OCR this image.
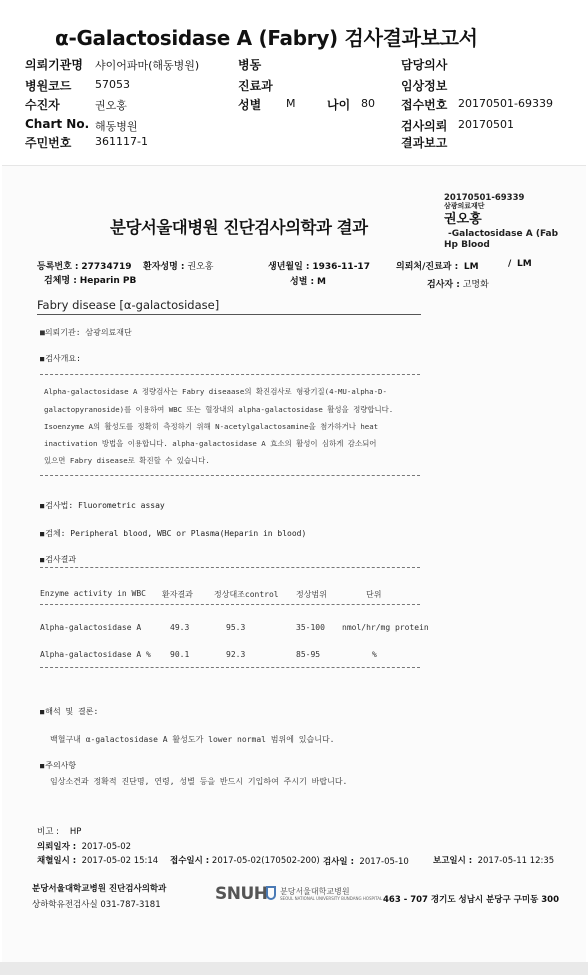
α-Galactosidase A (Fabry) 검사결과보고서
의뢰기관명 샤이어파마(해동병원)	병동	담당의사
병원코드 57053	진료과	임상정보
수진자	권오홍	성별 M	나이 80 접수번호 20170501-69339
Chart No. 해동병원	검사의뢰 20170501
주민번호 361117-1	결과보고
20170501-69339
삼광의료재단
권오홍
-Galactosidase A (Fab
Hp Blood
분당서울대병원 진단검사의학과 결과
등록번호 : 27734719 환자성명 : 권오홍	생년월일 : 1936-11-17	의뢰처/진료과 : LM	/ LM
검체명 : Heparin PB	성별 : M	검사자 : 고명화
Fabry disease [α-galactosidase]
■의뢰기관: 삼광의료재단
■ 검사개요:
Alpha-galactosidase A 정량검사는 Fabry diseaase의 확진검사로 형광기질(4-MU-alpha-D-
galactopyranoside)를 이용하여 WBC 또는 혈장내의 alpha-galactosidase 활성을 정량합니다.
Isoenzyme A의 활성도를 정확히 측정하기 위해 N-acetylgalactosamine을 첨가하거나 heat
inactivation 방법을 이용합니다. alpha-galactosidase A 효소의 활성이 심하게 감소되어
있으면 Fabry disease로 확진할 수 있습니다.
■ 검사법: Fluorometric assay
■ 검체: Peripheral blood, WBC or Plasma(Heparin in blood)
■ 검사결과
Enzyme activity in WBC 환자결과	정상대조control 정상범위	단위
Alpha-galactosidase A	49.3	95.3	35-100 nmol/hr/mg protein
Alpha-galactosidase A % 90.1	92.3	85-95	%
■ 해석 및 결론:
백혈구내 α-galactosidase A 활성도가 lower normal 범위에 있습니다.
■ 주의사항
임상소견과 정확적 진단명, 연령, 성별 등을 반드시 기입하여 주시기 바랍니다.
비고 : HP
의뢰일자 : 2017-05-02
채혈일시 : 2017-05-02 15:14 접수일시 : 2017-05-02(170502-200) 검사일 : 2017-05-10	보고일시 : 2017-05-11 12:35
분당서울대학교병원 진단검사의학과
상하학유전검사실 031-787-3181
SNUH 분당서울대학교병원
SEOUL NATIONAL UNIVERSITY BUNDANG HOSPITAL 463 - 707 경기도 성남시 분당구 구미동 300
